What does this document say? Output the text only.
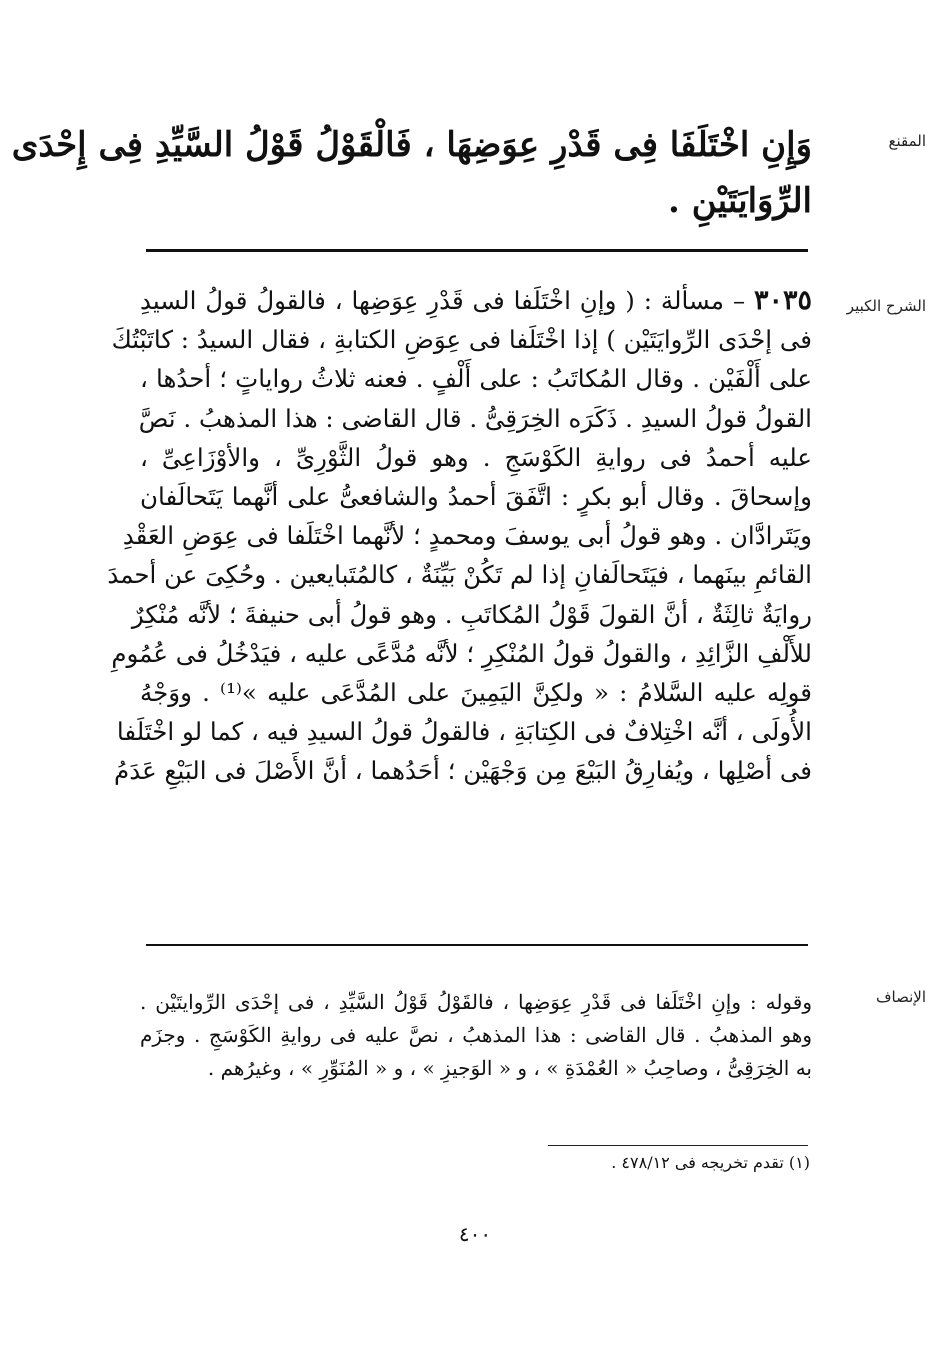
المقنع
الشرح الكبير
الإنصاف
وَإِنِ اخْتَلَفَا فِى قَدْرِ عِوَضِهَا ، فَالْقَوْلُ قَوْلُ السَّيِّدِ فِى إِحْدَى
الرِّوَايَتَيْنِ .
٣٠٣٥ – مسألة : ( وإنِ اخْتَلَفا فى قَدْرِ عِوَضِها ، فالقولُ قولُ السيدِ
فى إحْدَى الرِّوايَتَيْن ) إذا اخْتَلَفا فى عِوَضِ الكتابةِ ، فقال السيدُ : كاتَبْتُكَ
على أَلْفَيْن . وقال المُكاتَبُ : على أَلْفٍ . فعنه ثلاثُ رواياتٍ ؛ أحدُها ،
القولُ قولُ السيدِ . ذَكَرَه الخِرَقِىُّ . قال القاضى : هذا المذهبُ . نَصَّ
عليه أحمدُ فى روايةِ الكَوْسَجِ . وهو قولُ الثَّوْرِىِّ ، والأوْزَاعِىِّ ،
وإسحاقَ . وقال أبو بكرٍ : اتَّفَقَ أحمدُ والشافعىُّ على أنَّهما يَتَحالَفان
ويَتَرادَّان . وهو قولُ أبى يوسفَ ومحمدٍ ؛ لأنَّهما اخْتَلَفا فى عِوَضِ العَقْدِ
القائمِ بينَهما ، فيَتَحالَفانِ إذا لم تَكُنْ بَيِّنَةٌ ، كالمُتَبايعين . وحُكِىَ عن أحمدَ
روايَةٌ ثالِثَةٌ ، أنَّ القولَ قَوْلُ المُكاتَبِ . وهو قولُ أبى حنيفةَ ؛ لأنَّه مُنْكِرٌ
للأَلْفِ الزَّائِدِ ، والقولُ قولُ المُنْكِرِ ؛ لأنَّه مُدَّعًى عليه ، فيَدْخُلُ فى عُمُومِ
قولِه عليه السَّلامُ : « ولكِنَّ اليَمِينَ على المُدَّعَى عليه »⁽¹⁾ . ووَجْهُ
الأُولَى ، أنَّه اخْتِلافٌ فى الكِتابَةِ ، فالقولُ قولُ السيدِ فيه ، كما لو اخْتَلَفا
فى أصْلِها ، ويُفارِقُ البَيْعَ مِن وَجْهَيْن ؛ أحَدُهما ، أنَّ الأَصْلَ فى البَيْعِ عَدَمُ
وقوله : وإنِ اخْتَلَفا فى قَدْرِ عِوَضِها ، فالقَوْلُ قَوْلُ السَّيِّدِ ، فى إحْدَى الرِّوايتَيْن .
وهو المذهبُ . قال القاضى : هذا المذهبُ ، نصَّ عليه فى روايةِ الكَوْسَجِ . وجزَم
به الخِرَقِىُّ ، وصاحِبُ « العُمْدَةِ » ، و « الوَجيزِ » ، و « المُنَوِّرِ » ، وغيرُهم .
(١) تقدم تخريجه فى ٤٧٨/١٢ .
٤٠٠
